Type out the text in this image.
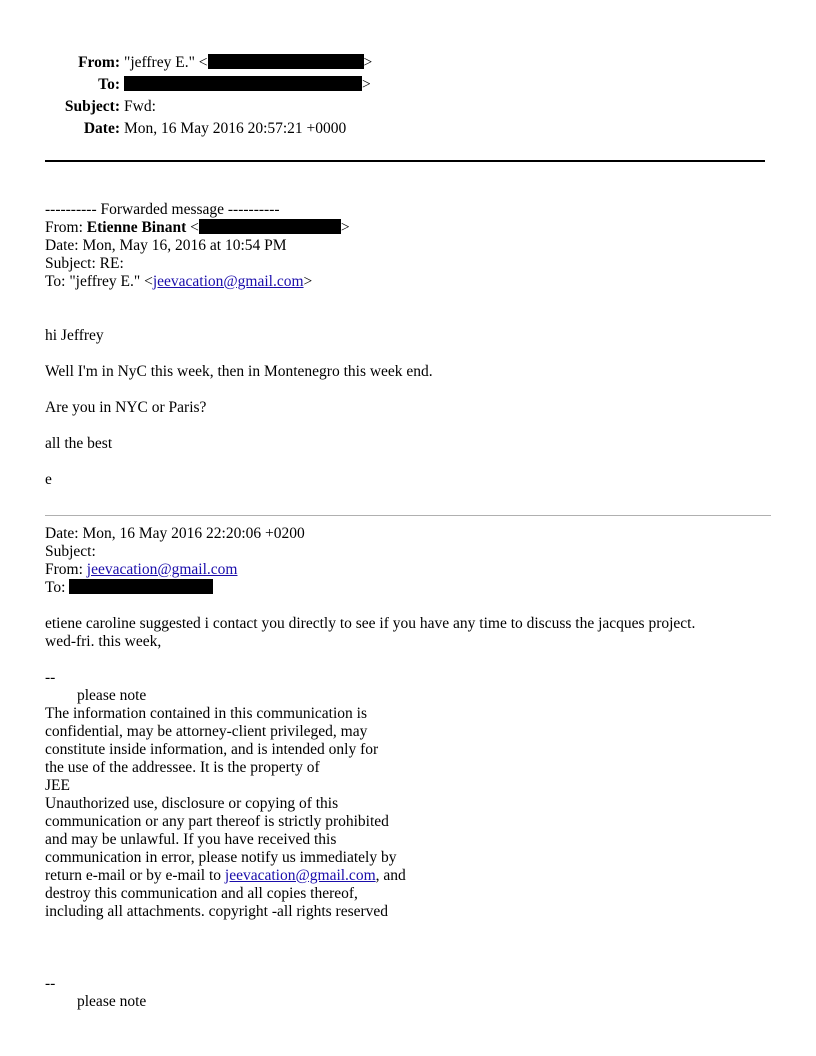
From: "jeffrey E." <	>
To:	>
Subject: Fwd:
Date: Mon, 16 May 2016 20:57:21 +0000
---------- Forwarded message ----------
From: Etienne Binant <	>
Date: Mon, May 16, 2016 at 10:54 PM
Subject: RE:
To: "jeffrey E." <jeevacation@gmail.com>
hi Jeffrey
Well I'm in NyC this week, then in Montenegro this week end.
Are you in NYC or Paris?
all the best
e
Date: Mon, 16 May 2016 22:20:06 +0200
Subject:
From: jeevacation@gmail.com
To:
etiene caroline suggested i contact you directly to see if you have any time to discuss the jacques project.
wed-fri. this week,
--
please note
The information contained in this communication is
confidential, may be attorney-client privileged, may
constitute inside information, and is intended only for
the use of the addressee. It is the property of
JEE
Unauthorized use, disclosure or copying of this
communication or any part thereof is strictly prohibited
and may be unlawful. If you have received this
communication in error, please notify us immediately by
return e-mail or by e-mail to jeevacation@gmail.com, and
destroy this communication and all copies thereof,
including all attachments. copyright -all rights reserved
--
please note
